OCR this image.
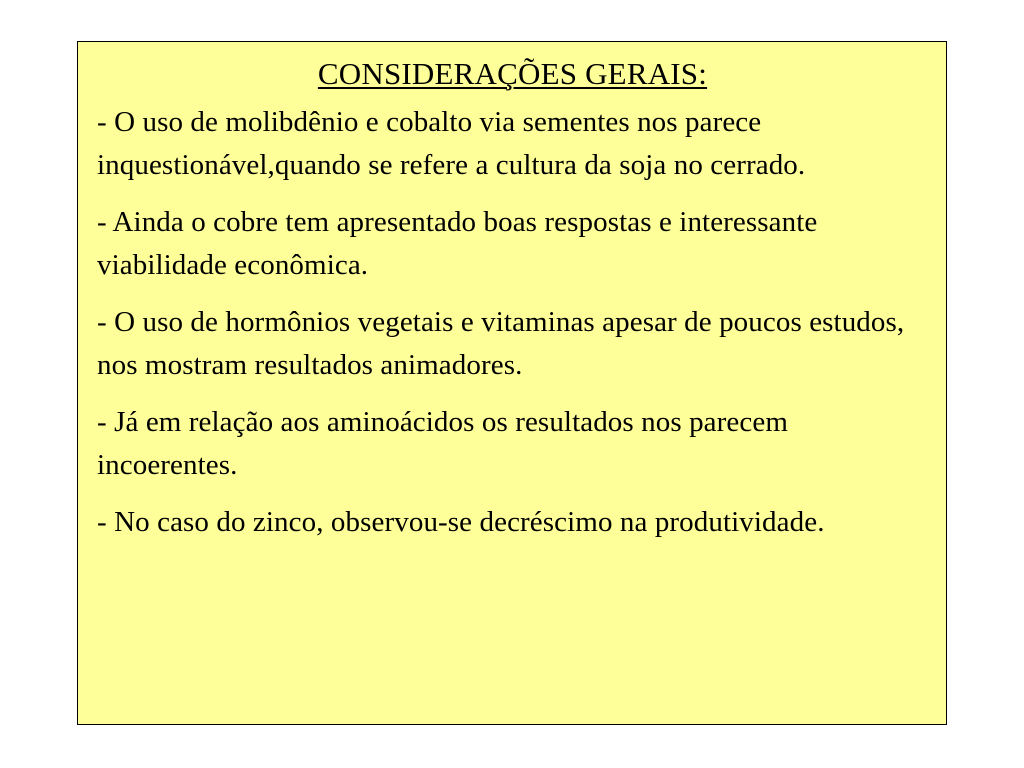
CONSIDERAÇÕES GERAIS:
- O uso de molibdênio e cobalto via sementes nos parece inquestionável,quando se refere a cultura da soja no cerrado.
- Ainda o cobre tem apresentado boas respostas e interessante viabilidade econômica.
- O uso de hormônios vegetais e vitaminas apesar de poucos estudos, nos mostram resultados animadores.
- Já em relação aos aminoácidos os resultados nos parecem incoerentes.
- No caso do zinco, observou-se decréscimo na produtividade.
